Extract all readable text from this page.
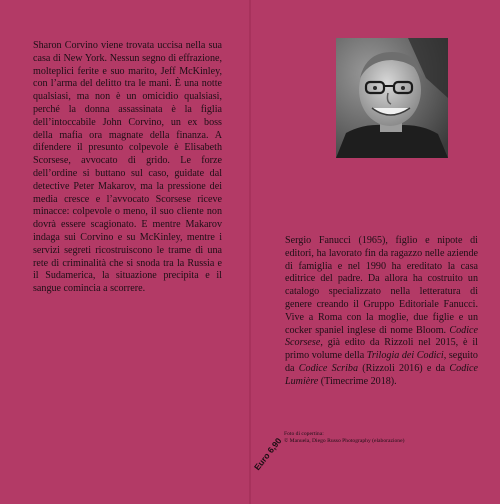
Sharon Corvino viene trovata uccisa nella sua casa di New York. Nessun segno di effrazione, molteplici ferite e suo marito, Jeff McKinley, con l’arma del delitto tra le mani. È una notte qualsiasi, ma non è un omicidio qualsiasi, perché la donna assassinata è la figlia dell’intoccabile John Corvino, un ex boss della mafia ora magnate della finanza. A difendere il presunto colpevole è Elisabeth Scorsese, avvocato di grido. Le forze dell’ordine si buttano sul caso, guidate dal detective Peter Makarov, ma la pressione dei media cresce e l’avvocato Scorsese riceve minacce: colpevole o meno, il suo cliente non dovrà essere scagionato. E mentre Makarov indaga sui Corvino e su McKinley, mentre i servizi segreti ricostruiscono le trame di una rete di criminalità che si snoda tra la Russia e il Sudamerica, la situazione precipita e il sangue comincia a scorrere.

Sergio Fanucci (1965), figlio e nipote di editori, ha lavorato fin da ragazzo nelle aziende di famiglia e nel 1990 ha ereditato la casa editrice del padre. Da allora ha costruito un catalogo specializzato nella letteratura di genere creando il Gruppo Editoriale Fanucci. Vive a Roma con la moglie, due figlie e un cocker spaniel inglese di nome Bloom. Codice Scorsese, già edito da Rizzoli nel 2015, è il primo volume della Trilogia dei Codici, seguito da Codice Scriba (Rizzoli 2016) e da Codice Lumière (Timecrime 2018).

Foto di copertina:
© Manuela, Diego Russo Photography (elaborazione)
Euro 6,90
